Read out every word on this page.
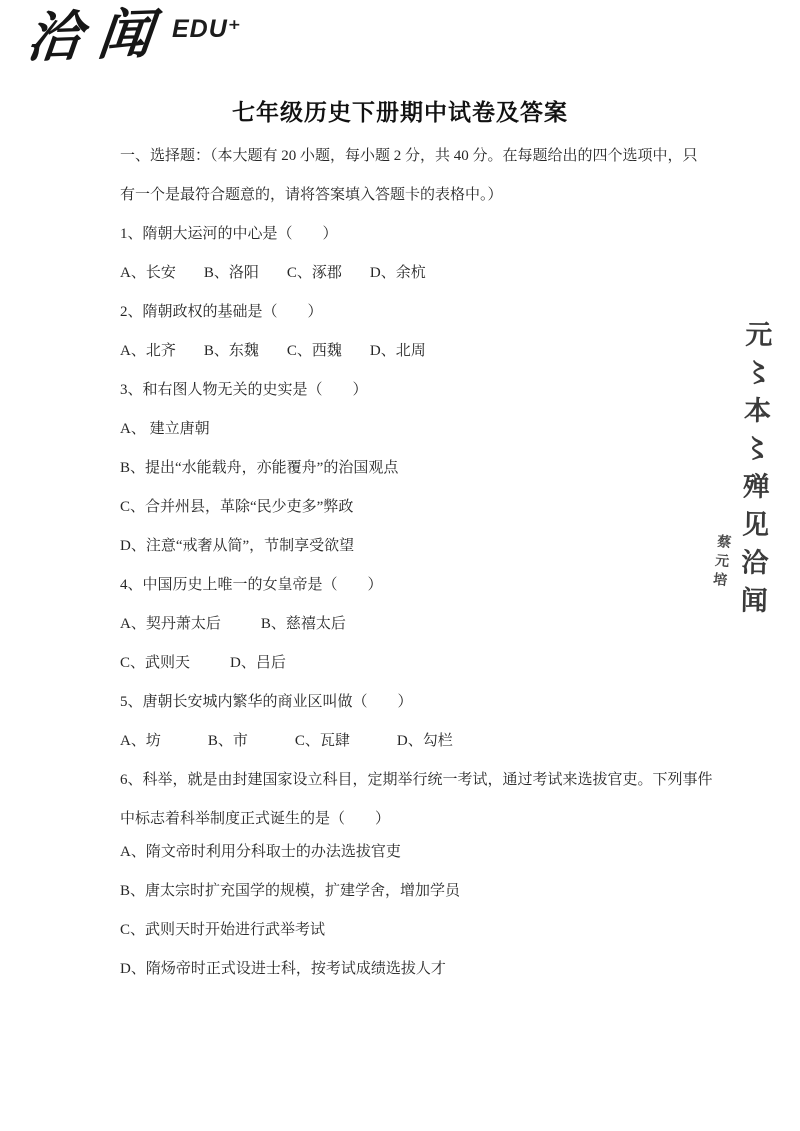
洽闻 EDU⁺
七年级历史下册期中试卷及答案

一、选择题：（本大题有 20 小题，每小题 2 分，共 40 分。在每题给出的四个选项中，只

有一个是最符合题意的，请将答案填入答题卡的表格中。）

1、隋朝大运河的中心是（　　）

A、长安 B、洛阳 C、涿郡 D、余杭

2、隋朝政权的基础是（　　）

A、北齐 B、东魏 C、西魏 D、北周

3、和右图人物无关的史实是（　　）

A、 建立唐朝

B、提出“水能载舟，亦能覆舟”的治国观点

C、合并州县，革除“民少吏多”弊政

D、注意“戒奢从简”，节制享受欲望

4、中国历史上唯一的女皇帝是（　　）

A、契丹萧太后	B、慈禧太后
C、武则天	D、吕后

5、唐朝长安城内繁华的商业区叫做（　　）

A、坊	B、市	C、瓦肆	D、勾栏

6、科举，就是由封建国家设立科目，定期举行统一考试，通过考试来选拔官吏。下列事件

中标志着科举制度正式诞生的是（　　）

A、隋文帝时利用分科取士的办法选拔官吏

B、唐太宗时扩充国学的规模，扩建学舍，增加学员

C、武则天时开始进行武举考试

D、隋炀帝时正式设进士科，按考试成绩选拔人才

元〻本〻殚见洽闻
蔡元培
